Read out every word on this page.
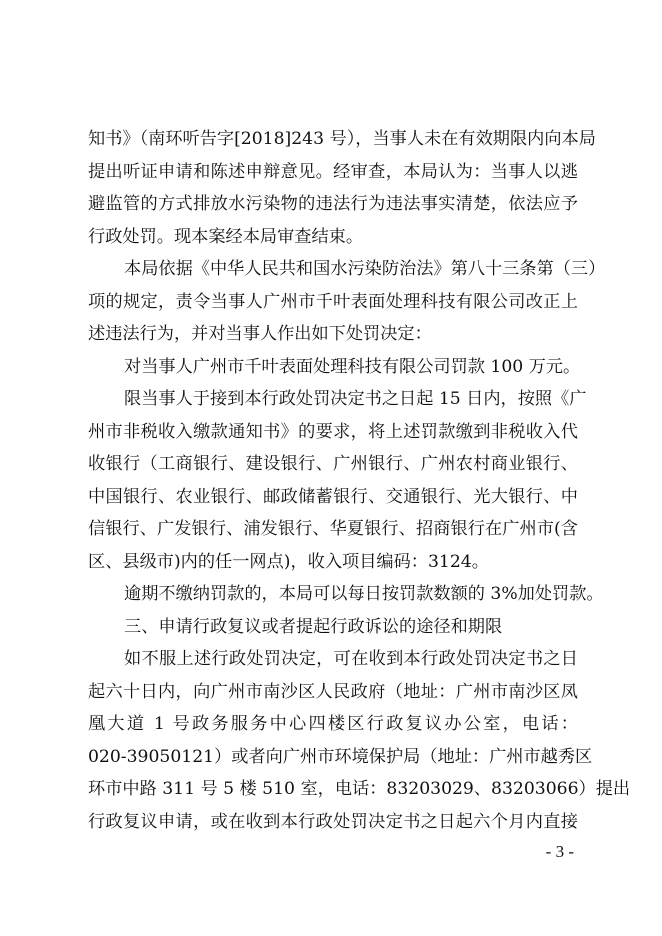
知书》（南环听告字[2018]243 号），当事人未在有效期限内向本局
提出听证申请和陈述申辩意见。经审查，本局认为：当事人以逃
避监管的方式排放水污染物的违法行为违法事实清楚，依法应予
行政处罚。现本案经本局审查结束。
本局依据《中华人民共和国水污染防治法》第八十三条第（三）
项的规定，责令当事人广州市千叶表面处理科技有限公司改正上
述违法行为，并对当事人作出如下处罚决定：
对当事人广州市千叶表面处理科技有限公司罚款 100 万元。
限当事人于接到本行政处罚决定书之日起 15 日内，按照《广
州市非税收入缴款通知书》的要求，将上述罚款缴到非税收入代
收银行（工商银行、建设银行、广州银行、广州农村商业银行、
中国银行、农业银行、邮政储蓄银行、交通银行、光大银行、中
信银行、广发银行、浦发银行、华夏银行、招商银行在广州市(含
区、县级市)内的任一网点)，收入项目编码：3124。
逾期不缴纳罚款的，本局可以每日按罚款数额的 3%加处罚款。
三、申请行政复议或者提起行政诉讼的途径和期限
如不服上述行政处罚决定，可在收到本行政处罚决定书之日
起六十日内，向广州市南沙区人民政府（地址：广州市南沙区凤
凰大道 1 号政务服务中心四楼区行政复议办公室，电话：
020-39050121）或者向广州市环境保护局（地址：广州市越秀区
环市中路 311 号 5 楼 510 室，电话：83203029、83203066）提出
行政复议申请，或在收到本行政处罚决定书之日起六个月内直接
- 3 -
